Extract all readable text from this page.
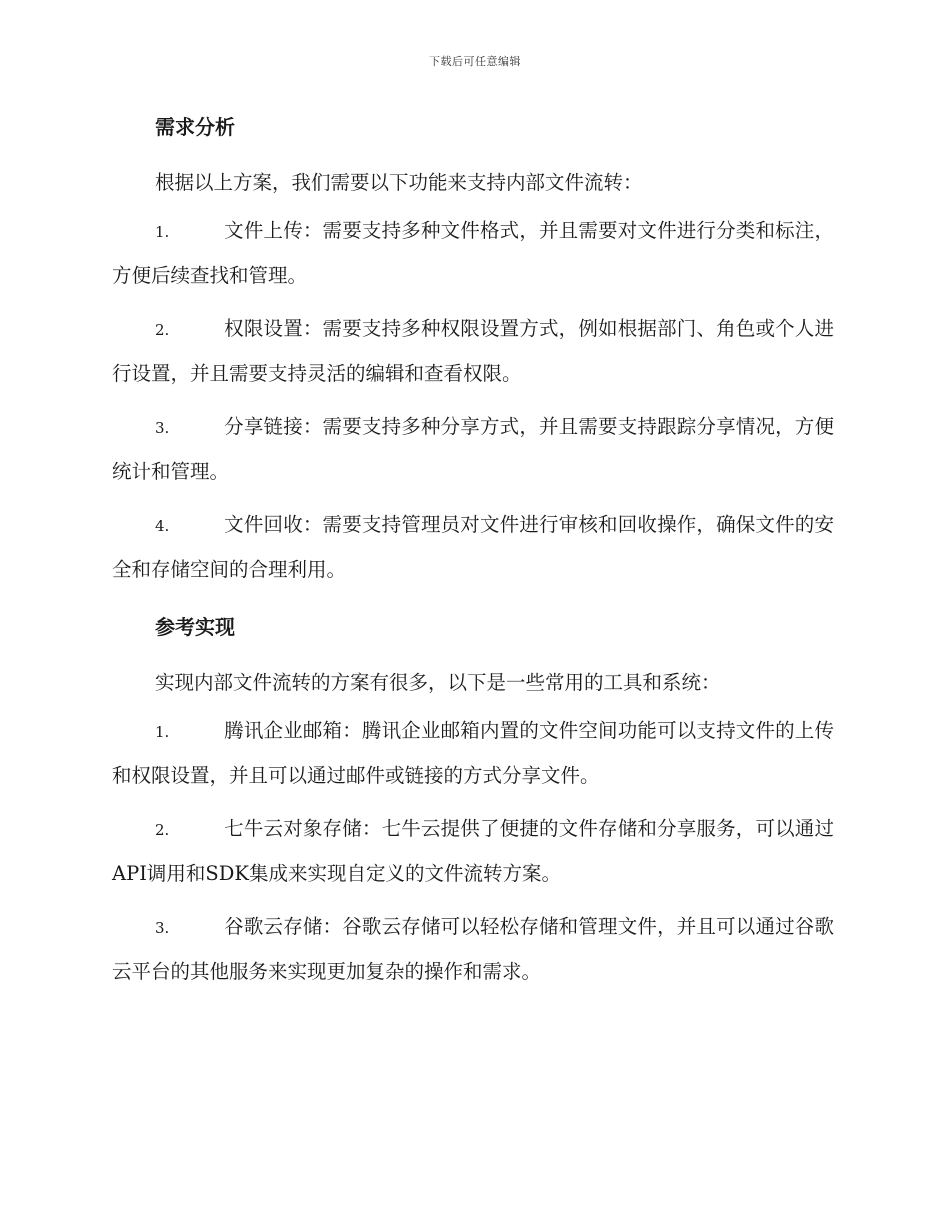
下载后可任意编辑
需求分析

根据以上方案，我们需要以下功能来支持内部文件流转：

1.	文件上传：需要支持多种文件格式，并且需要对文件进行分类和标注，方便后续查找和管理。

2.	权限设置：需要支持多种权限设置方式，例如根据部门、角色或个人进行设置，并且需要支持灵活的编辑和查看权限。

3.	分享链接：需要支持多种分享方式，并且需要支持跟踪分享情况，方便统计和管理。

4.	文件回收：需要支持管理员对文件进行审核和回收操作，确保文件的安全和存储空间的合理利用。

参考实现

实现内部文件流转的方案有很多，以下是一些常用的工具和系统：

1.	腾讯企业邮箱：腾讯企业邮箱内置的文件空间功能可以支持文件的上传和权限设置，并且可以通过邮件或链接的方式分享文件。

2.	七牛云对象存储：七牛云提供了便捷的文件存储和分享服务，可以通过API调用和SDK集成来实现自定义的文件流转方案。

3.	谷歌云存储：谷歌云存储可以轻松存储和管理文件，并且可以通过谷歌云平台的其他服务来实现更加复杂的操作和需求。
